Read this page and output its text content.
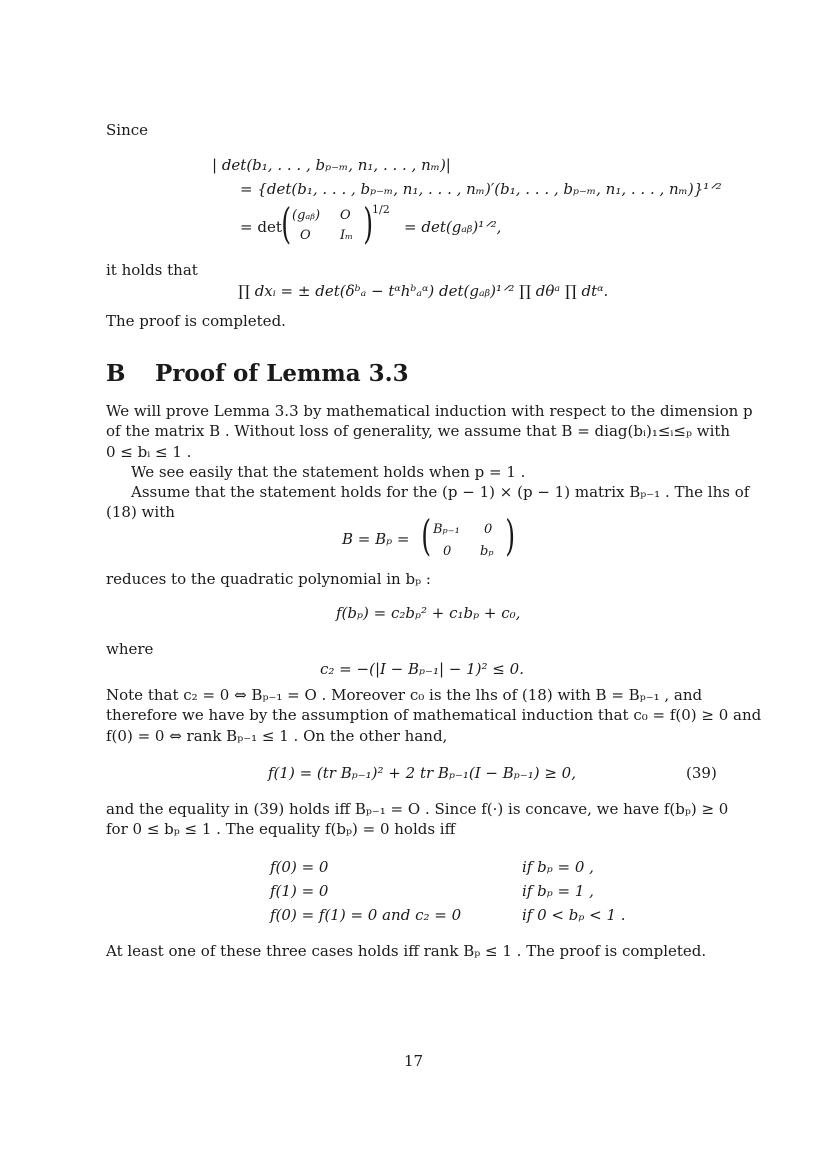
Since
| det(b₁, . . . , bₚ₋ₘ, n₁, . . . , nₘ)|
= {det(b₁, . . . , bₚ₋ₘ, n₁, . . . , nₘ)′(b₁, . . . , bₚ₋ₘ, n₁, . . . , nₘ)}¹ᐟ²
= det ( (gₐᵦ) O
O Iₘ )
1/2
= det(gₐᵦ)¹ᐟ²,
it holds that
∏ dxᵢ = ± det(δᵇₐ − tᵅhᵇₐᵅ) det(gₐᵦ)¹ᐟ² ∏ dθᵃ ∏ dtᵅ.
The proof is completed.
B Proof of Lemma 3.3
We will prove Lemma 3.3 by mathematical induction with respect to the dimension p
of the matrix B . Without loss of generality, we assume that B = diag(bᵢ)₁≤ᵢ≤ₚ with
0 ≤ bᵢ ≤ 1 .
We see easily that the statement holds when p = 1 .
Assume that the statement holds for the (p − 1) × (p − 1) matrix Bₚ₋₁ . The lhs of
(18) with
B = Bₚ = ( Bₚ₋₁ 0
0 bₚ )
reduces to the quadratic polynomial in bₚ :
f(bₚ) = c₂bₚ² + c₁bₚ + c₀,
where
c₂ = −(|I − Bₚ₋₁| − 1)² ≤ 0.
Note that c₂ = 0 ⇔ Bₚ₋₁ = O . Moreover c₀ is the lhs of (18) with B = Bₚ₋₁ , and
therefore we have by the assumption of mathematical induction that c₀ = f(0) ≥ 0 and
f(0) = 0 ⇔ rank Bₚ₋₁ ≤ 1 . On the other hand,
f(1) = (tr Bₚ₋₁)² + 2 tr Bₚ₋₁(I − Bₚ₋₁) ≥ 0,	(39)
and the equality in (39) holds iff Bₚ₋₁ = O . Since f(·) is concave, we have f(bₚ) ≥ 0
for 0 ≤ bₚ ≤ 1 . The equality f(bₚ) = 0 holds iff
f(0) = 0	if bₚ = 0 ,
f(1) = 0	if bₚ = 1 ,
f(0) = f(1) = 0 and c₂ = 0	if 0 < bₚ < 1 .
At least one of these three cases holds iff rank Bₚ ≤ 1 . The proof is completed.
17
